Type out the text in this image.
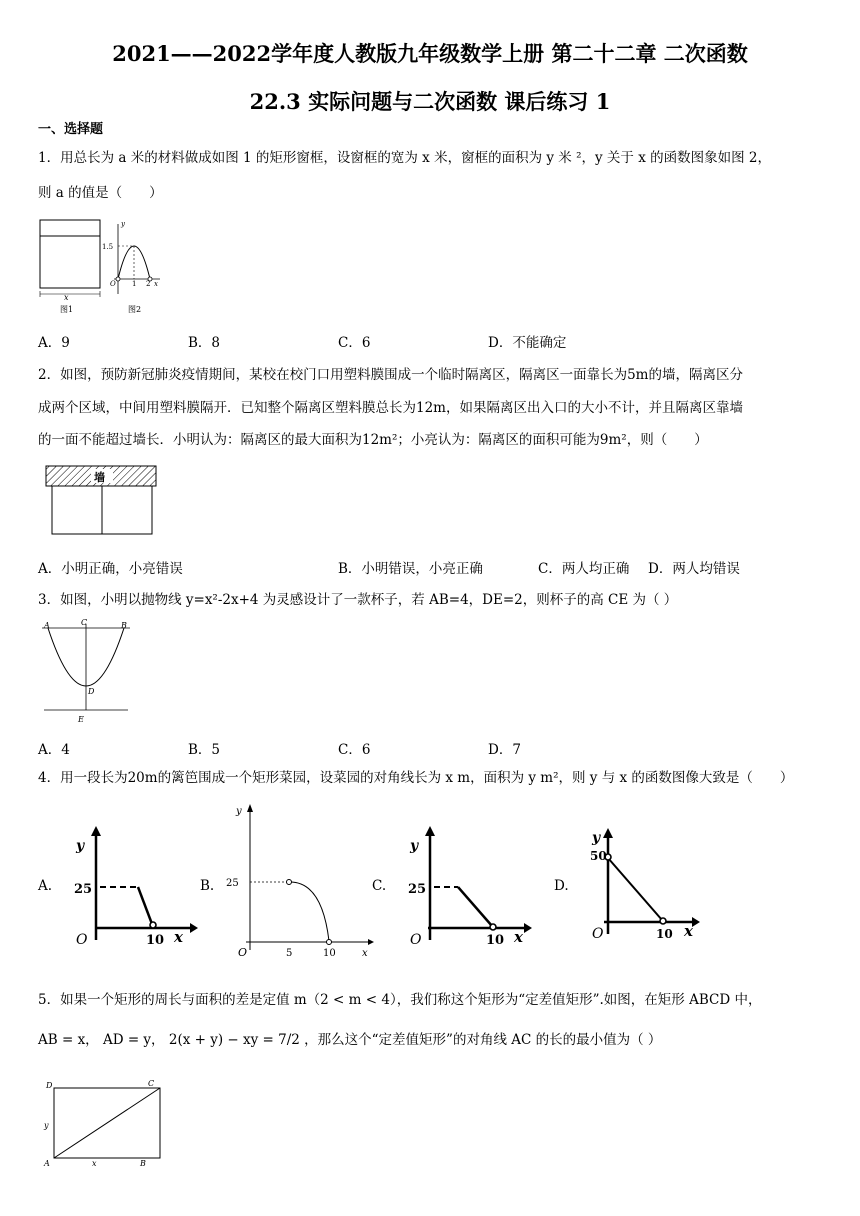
2021——2022学年度人教版九年级数学上册 第二十二章 二次函数
22.3 实际问题与二次函数 课后练习 1
一、选择题
1．用总长为 a 米的材料做成如图 1 的矩形窗框，设窗框的宽为 x 米，窗框的面积为 y 米 ²，y 关于 x 的函数图象如图 2，
则 a 的值是（　　）
x
图1
y
1.5
O 1 2 x
图2
A．9	B．8	C．6	D．不能确定
2．如图，预防新冠肺炎疫情期间，某校在校门口用塑料膜围成一个临时隔离区，隔离区一面靠长为5m的墙，隔离区分
成两个区域，中间用塑料膜隔开．已知整个隔离区塑料膜总长为12m，如果隔离区出入口的大小不计，并且隔离区靠墙
的一面不能超过墙长．小明认为：隔离区的最大面积为12m²；小亮认为：隔离区的面积可能为9m²，则（　　）
墙
A．小明正确，小亮错误	B．小明错误，小亮正确	C．两人均正确 D．两人均错误
3．如图，小明以抛物线 y=x²-2x+4 为灵感设计了一款杯子，若 AB=4，DE=2，则杯子的高 CE 为（ ）
A	C	B
D
E
A．4	B．5	C．6	D．7
4．用一段长为20m的篱笆围成一个矩形菜园，设菜园的对角线长为 x m，面积为 y m²，则 y 与 x 的函数图像大致是（　　）
A.
y
25
O	10 x
B.
y
25
O	5	10	x
C.
y
25
O	10 x
D.
y
50
O	10 x
5．如果一个矩形的周长与面积的差是定值 m（2 < m < 4），我们称这个矩形为“定差值矩形”.如图，在矩形 ABCD 中，
AB = x， AD = y， 2(x + y) − xy = 7/2 ，那么这个“定差值矩形”的对角线 AC 的长的最小值为（ ）
D	C
A	B
y
x
